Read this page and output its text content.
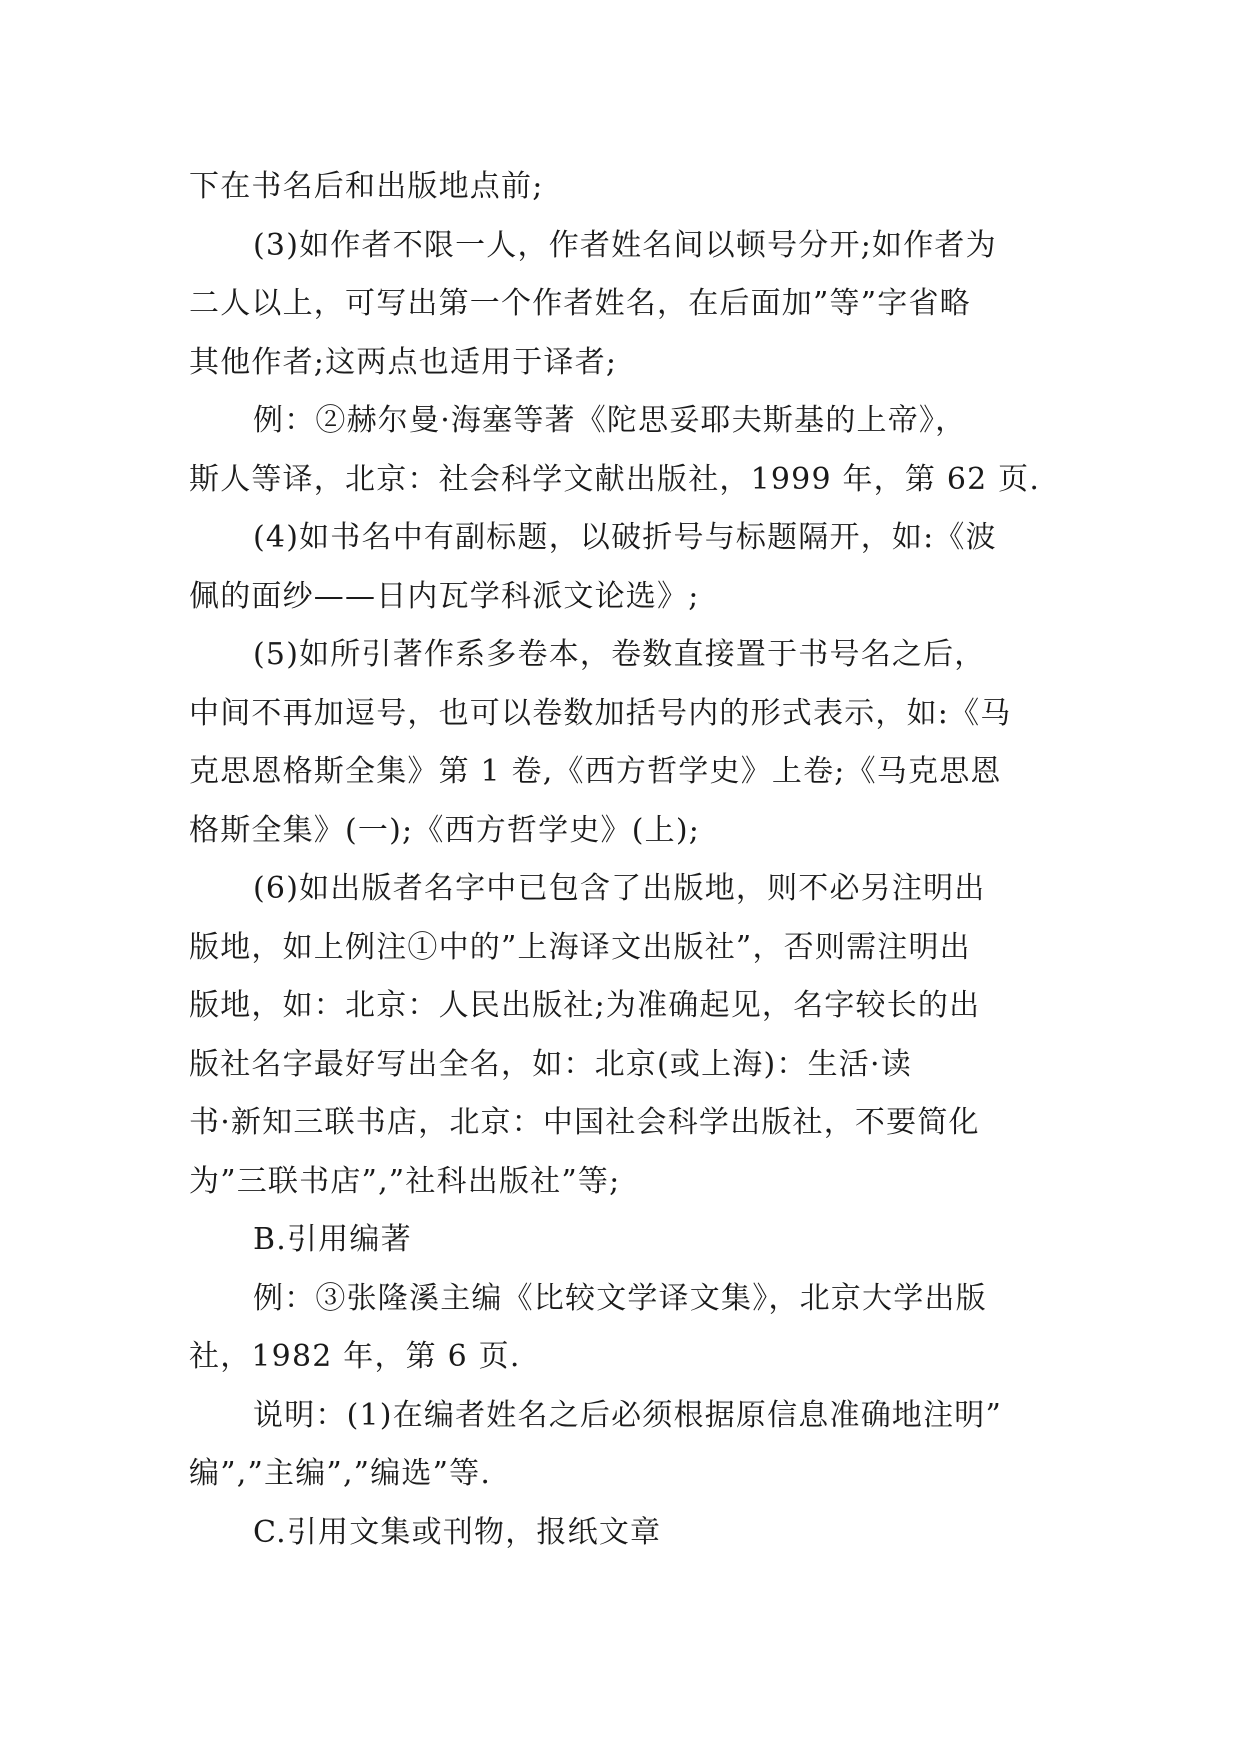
下在书名后和出版地点前;
(3)如作者不限一人，作者姓名间以顿号分开;如作者为
二人以上，可写出第一个作者姓名，在后面加”等”字省略
其他作者;这两点也适用于译者;
例：②赫尔曼·海塞等著《陀思妥耶夫斯基的上帝》，
斯人等译，北京：社会科学文献出版社，1999 年，第 62 页.
(4)如书名中有副标题，以破折号与标题隔开，如:《波
佩的面纱——日内瓦学科派文论选》;
(5)如所引著作系多卷本，卷数直接置于书号名之后，
中间不再加逗号，也可以卷数加括号内的形式表示，如:《马
克思恩格斯全集》第 1 卷,《西方哲学史》上卷;《马克思恩
格斯全集》(一);《西方哲学史》(上);
(6)如出版者名字中已包含了出版地，则不必另注明出
版地，如上例注①中的”上海译文出版社”，否则需注明出
版地，如：北京：人民出版社;为准确起见，名字较长的出
版社名字最好写出全名，如：北京(或上海)：生活·读
书·新知三联书店，北京：中国社会科学出版社，不要简化
为”三联书店”,”社科出版社”等;
B.引用编著
例：③张隆溪主编《比较文学译文集》，北京大学出版
社，1982 年，第 6 页.
说明：(1)在编者姓名之后必须根据原信息准确地注明”
编”,”主编”,”编选”等.
C.引用文集或刊物，报纸文章
